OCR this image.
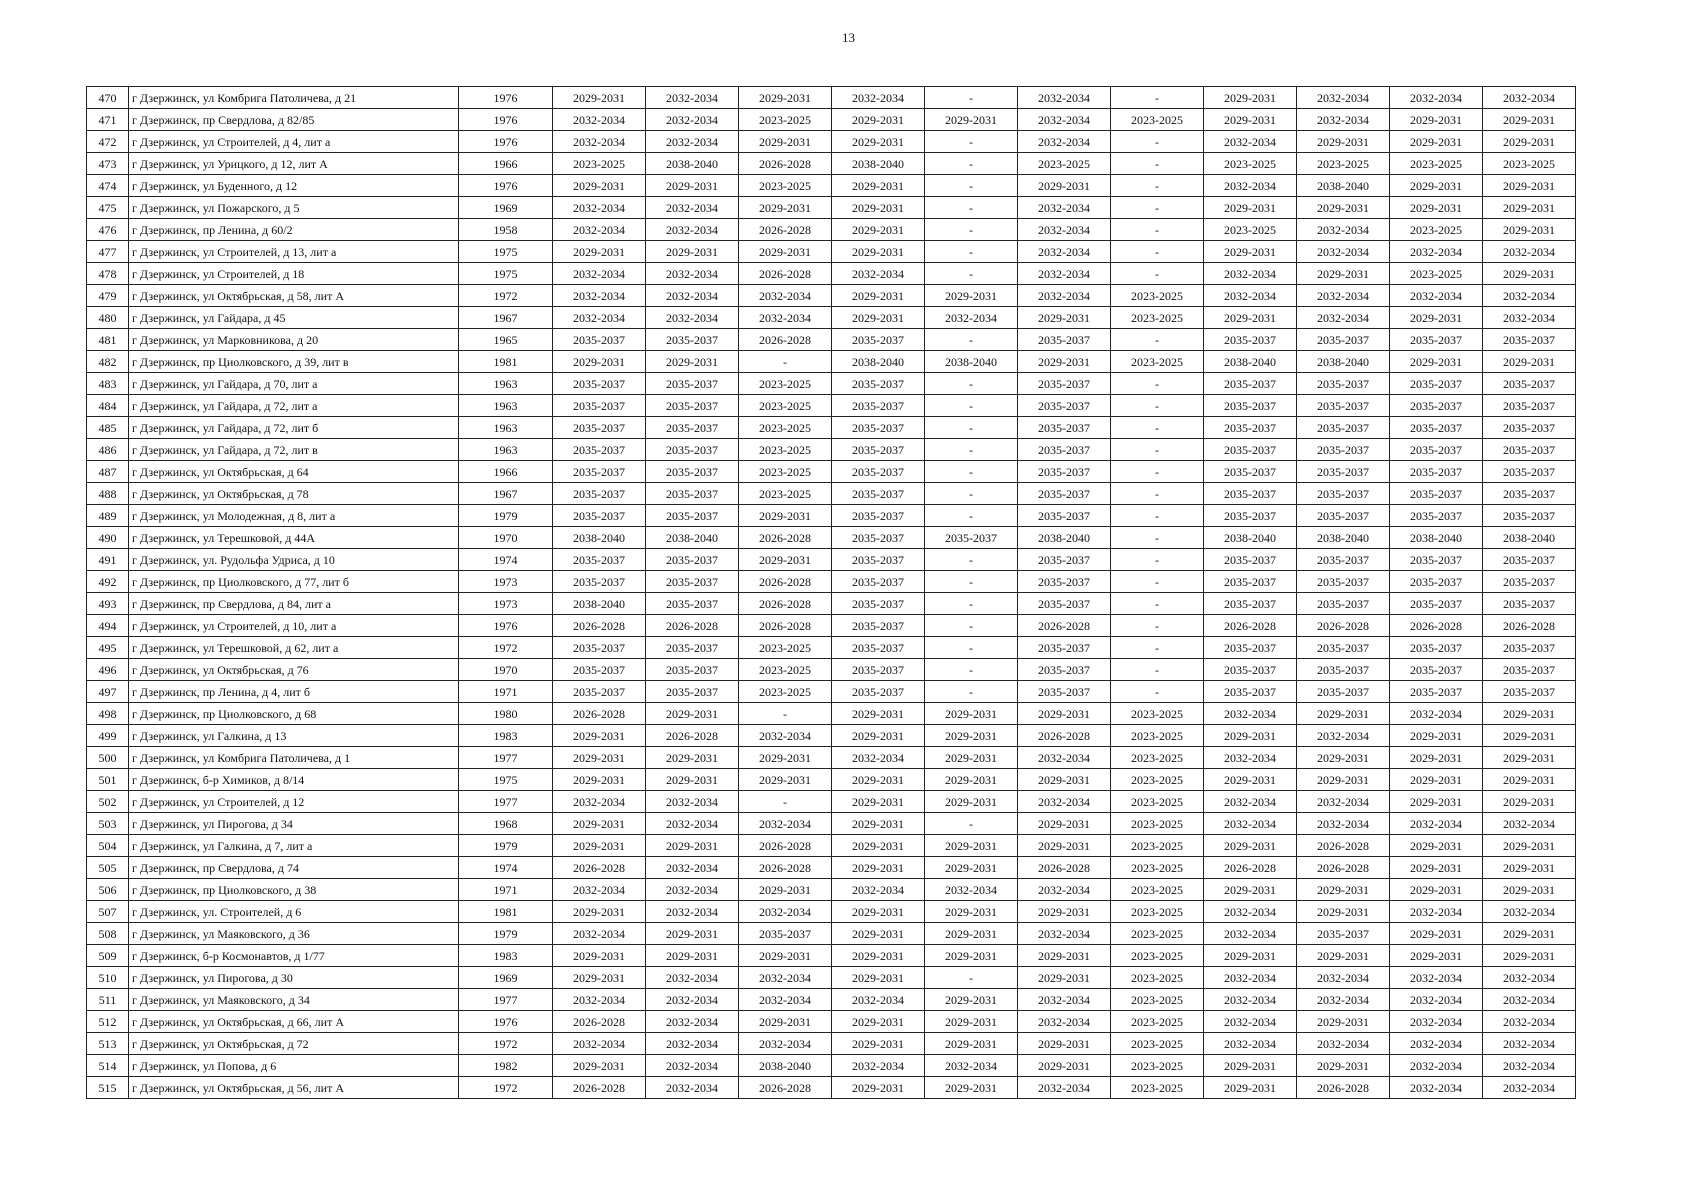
13
470	г Дзержинск, ул Комбрига Патоличева, д 21	1976	2029-2031	2032-2034	2029-2031	2032-2034	-	2032-2034	-	2029-2031	2032-2034	2032-2034	2032-2034
471	г Дзержинск, пр Свердлова, д 82/85	1976	2032-2034	2032-2034	2023-2025	2029-2031	2029-2031	2032-2034	2023-2025	2029-2031	2032-2034	2029-2031	2029-2031
472	г Дзержинск, ул Строителей, д 4, лит а	1976	2032-2034	2032-2034	2029-2031	2029-2031	-	2032-2034	-	2032-2034	2029-2031	2029-2031	2029-2031
473	г Дзержинск, ул Урицкого, д 12, лит А	1966	2023-2025	2038-2040	2026-2028	2038-2040	-	2023-2025	-	2023-2025	2023-2025	2023-2025	2023-2025
474	г Дзержинск, ул Буденного, д 12	1976	2029-2031	2029-2031	2023-2025	2029-2031	-	2029-2031	-	2032-2034	2038-2040	2029-2031	2029-2031
475	г Дзержинск, ул Пожарского, д 5	1969	2032-2034	2032-2034	2029-2031	2029-2031	-	2032-2034	-	2029-2031	2029-2031	2029-2031	2029-2031
476	г Дзержинск, пр Ленина, д 60/2	1958	2032-2034	2032-2034	2026-2028	2029-2031	-	2032-2034	-	2023-2025	2032-2034	2023-2025	2029-2031
477	г Дзержинск, ул Строителей, д 13, лит а	1975	2029-2031	2029-2031	2029-2031	2029-2031	-	2032-2034	-	2029-2031	2032-2034	2032-2034	2032-2034
478	г Дзержинск, ул Строителей, д 18	1975	2032-2034	2032-2034	2026-2028	2032-2034	-	2032-2034	-	2032-2034	2029-2031	2023-2025	2029-2031
479	г Дзержинск, ул Октябрьская, д 58, лит А	1972	2032-2034	2032-2034	2032-2034	2029-2031	2029-2031	2032-2034	2023-2025	2032-2034	2032-2034	2032-2034	2032-2034
480	г Дзержинск, ул Гайдара, д 45	1967	2032-2034	2032-2034	2032-2034	2029-2031	2032-2034	2029-2031	2023-2025	2029-2031	2032-2034	2029-2031	2032-2034
481	г Дзержинск, ул Марковникова, д 20	1965	2035-2037	2035-2037	2026-2028	2035-2037	-	2035-2037	-	2035-2037	2035-2037	2035-2037	2035-2037
482	г Дзержинск, пр Циолковского, д 39, лит в	1981	2029-2031	2029-2031	-	2038-2040	2038-2040	2029-2031	2023-2025	2038-2040	2038-2040	2029-2031	2029-2031
483	г Дзержинск, ул Гайдара, д 70, лит а	1963	2035-2037	2035-2037	2023-2025	2035-2037	-	2035-2037	-	2035-2037	2035-2037	2035-2037	2035-2037
484	г Дзержинск, ул Гайдара, д 72, лит а	1963	2035-2037	2035-2037	2023-2025	2035-2037	-	2035-2037	-	2035-2037	2035-2037	2035-2037	2035-2037
485	г Дзержинск, ул Гайдара, д 72, лит б	1963	2035-2037	2035-2037	2023-2025	2035-2037	-	2035-2037	-	2035-2037	2035-2037	2035-2037	2035-2037
486	г Дзержинск, ул Гайдара, д 72, лит в	1963	2035-2037	2035-2037	2023-2025	2035-2037	-	2035-2037	-	2035-2037	2035-2037	2035-2037	2035-2037
487	г Дзержинск, ул Октябрьская, д 64	1966	2035-2037	2035-2037	2023-2025	2035-2037	-	2035-2037	-	2035-2037	2035-2037	2035-2037	2035-2037
488	г Дзержинск, ул Октябрьская, д 78	1967	2035-2037	2035-2037	2023-2025	2035-2037	-	2035-2037	-	2035-2037	2035-2037	2035-2037	2035-2037
489	г Дзержинск, ул Молодежная, д 8, лит а	1979	2035-2037	2035-2037	2029-2031	2035-2037	-	2035-2037	-	2035-2037	2035-2037	2035-2037	2035-2037
490	г Дзержинск, ул Терешковой, д 44А	1970	2038-2040	2038-2040	2026-2028	2035-2037	2035-2037	2038-2040	-	2038-2040	2038-2040	2038-2040	2038-2040
491	г Дзержинск, ул. Рудольфа Удриса, д 10	1974	2035-2037	2035-2037	2029-2031	2035-2037	-	2035-2037	-	2035-2037	2035-2037	2035-2037	2035-2037
492	г Дзержинск, пр Циолковского, д 77, лит б	1973	2035-2037	2035-2037	2026-2028	2035-2037	-	2035-2037	-	2035-2037	2035-2037	2035-2037	2035-2037
493	г Дзержинск, пр Свердлова, д 84, лит а	1973	2038-2040	2035-2037	2026-2028	2035-2037	-	2035-2037	-	2035-2037	2035-2037	2035-2037	2035-2037
494	г Дзержинск, ул Строителей, д 10, лит а	1976	2026-2028	2026-2028	2026-2028	2035-2037	-	2026-2028	-	2026-2028	2026-2028	2026-2028	2026-2028
495	г Дзержинск, ул Терешковой, д 62, лит а	1972	2035-2037	2035-2037	2023-2025	2035-2037	-	2035-2037	-	2035-2037	2035-2037	2035-2037	2035-2037
496	г Дзержинск, ул Октябрьская, д 76	1970	2035-2037	2035-2037	2023-2025	2035-2037	-	2035-2037	-	2035-2037	2035-2037	2035-2037	2035-2037
497	г Дзержинск, пр Ленина, д 4, лит б	1971	2035-2037	2035-2037	2023-2025	2035-2037	-	2035-2037	-	2035-2037	2035-2037	2035-2037	2035-2037
498	г Дзержинск, пр Циолковского, д 68	1980	2026-2028	2029-2031	-	2029-2031	2029-2031	2029-2031	2023-2025	2032-2034	2029-2031	2032-2034	2029-2031
499	г Дзержинск, ул Галкина, д 13	1983	2029-2031	2026-2028	2032-2034	2029-2031	2029-2031	2026-2028	2023-2025	2029-2031	2032-2034	2029-2031	2029-2031
500	г Дзержинск, ул Комбрига Патоличева, д 1	1977	2029-2031	2029-2031	2029-2031	2032-2034	2029-2031	2032-2034	2023-2025	2032-2034	2029-2031	2029-2031	2029-2031
501	г Дзержинск, б-р Химиков, д 8/14	1975	2029-2031	2029-2031	2029-2031	2029-2031	2029-2031	2029-2031	2023-2025	2029-2031	2029-2031	2029-2031	2029-2031
502	г Дзержинск, ул Строителей, д 12	1977	2032-2034	2032-2034	-	2029-2031	2029-2031	2032-2034	2023-2025	2032-2034	2032-2034	2029-2031	2029-2031
503	г Дзержинск, ул Пирогова, д 34	1968	2029-2031	2032-2034	2032-2034	2029-2031	-	2029-2031	2023-2025	2032-2034	2032-2034	2032-2034	2032-2034
504	г Дзержинск, ул Галкина, д 7, лит а	1979	2029-2031	2029-2031	2026-2028	2029-2031	2029-2031	2029-2031	2023-2025	2029-2031	2026-2028	2029-2031	2029-2031
505	г Дзержинск, пр Свердлова, д 74	1974	2026-2028	2032-2034	2026-2028	2029-2031	2029-2031	2026-2028	2023-2025	2026-2028	2026-2028	2029-2031	2029-2031
506	г Дзержинск, пр Циолковского, д 38	1971	2032-2034	2032-2034	2029-2031	2032-2034	2032-2034	2032-2034	2023-2025	2029-2031	2029-2031	2029-2031	2029-2031
507	г Дзержинск, ул. Строителей, д 6	1981	2029-2031	2032-2034	2032-2034	2029-2031	2029-2031	2029-2031	2023-2025	2032-2034	2029-2031	2032-2034	2032-2034
508	г Дзержинск, ул Маяковского, д 36	1979	2032-2034	2029-2031	2035-2037	2029-2031	2029-2031	2032-2034	2023-2025	2032-2034	2035-2037	2029-2031	2029-2031
509	г Дзержинск, б-р Космонавтов, д 1/77	1983	2029-2031	2029-2031	2029-2031	2029-2031	2029-2031	2029-2031	2023-2025	2029-2031	2029-2031	2029-2031	2029-2031
510	г Дзержинск, ул Пирогова, д 30	1969	2029-2031	2032-2034	2032-2034	2029-2031	-	2029-2031	2023-2025	2032-2034	2032-2034	2032-2034	2032-2034
511	г Дзержинск, ул Маяковского, д 34	1977	2032-2034	2032-2034	2032-2034	2032-2034	2029-2031	2032-2034	2023-2025	2032-2034	2032-2034	2032-2034	2032-2034
512	г Дзержинск, ул Октябрьская, д 66, лит А	1976	2026-2028	2032-2034	2029-2031	2029-2031	2029-2031	2032-2034	2023-2025	2032-2034	2029-2031	2032-2034	2032-2034
513	г Дзержинск, ул Октябрьская, д 72	1972	2032-2034	2032-2034	2032-2034	2029-2031	2029-2031	2029-2031	2023-2025	2032-2034	2032-2034	2032-2034	2032-2034
514	г Дзержинск, ул Попова, д 6	1982	2029-2031	2032-2034	2038-2040	2032-2034	2032-2034	2029-2031	2023-2025	2029-2031	2029-2031	2032-2034	2032-2034
515	г Дзержинск, ул Октябрьская, д 56, лит А	1972	2026-2028	2032-2034	2026-2028	2029-2031	2029-2031	2032-2034	2023-2025	2029-2031	2026-2028	2032-2034	2032-2034
